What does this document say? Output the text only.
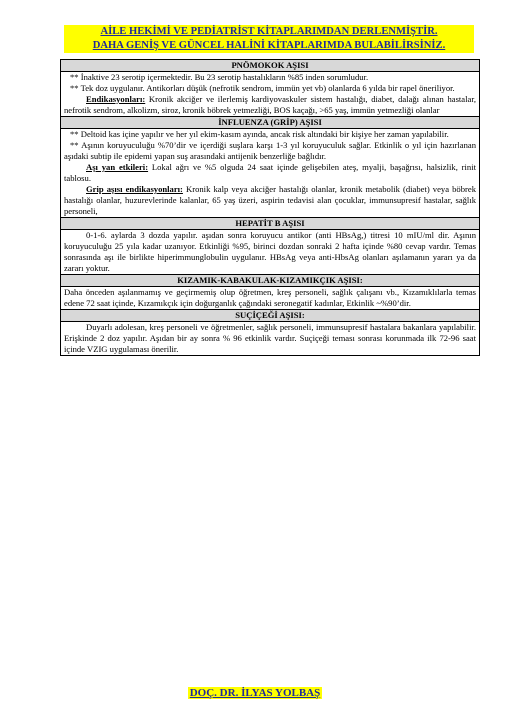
AİLE HEKİMİ VE PEDİATRİST KİTAPLARIMDAN DERLENMİŞTİR.
DAHA GENİŞ VE GÜNCEL HALİNİ KİTAPLARIMDA BULABİLİRSİNİZ.
PNÖMOKOK AŞISI
** İnaktive 23 serotip içermektedir. Bu 23 serotip hastalıkların %85 inden sorumludur.
** Tek doz uygulanır. Antikorları düşük (nefrotik sendrom, immün yet vb) olanlarda 6 yılda bir rapel öneriliyor.
Endikasyonları: Kronik akciğer ve ilerlemiş kardiyovaskuler sistem hastalığı, diabet, dalağı alınan hastalar, nefrotik sendrom, alkolizm, siroz, kronik böbrek yetmezliği, BOS kaçağı, >65 yaş, immün yetmezliği olanlar
İNFLUENZA (GRİP) AŞISI
** Deltoid kas içine yapılır ve her yıl ekim-kasım ayında, ancak risk altındaki bir kişiye her zaman yapılabilir.
** Aşının koruyuculuğu %70’dir ve içerdiği suşlara karşı 1-3 yıl koruyuculuk sağlar. Etkinlik o yıl için hazırlanan aşıdaki subtip ile epidemi yapan suş arasındaki antijenik benzerliğe bağlıdır.
Aşı yan etkileri: Lokal ağrı ve %5 olguda 24 saat içinde gelişebilen ateş, myalji, başağrısı, halsizlik, rinit tablosu.
Grip aşısı endikasyonları: Kronik kalp veya akciğer hastalığı olanlar, kronik metabolik (diabet) veya böbrek hastalığı olanlar, huzurevlerinde kalanlar, 65 yaş üzeri, aspirin tedavisi alan çocuklar, immunsupresif hastalar, sağlık personeli,
HEPATİT B AŞISI
0-1-6. aylarda 3 dozda yapılır. aşıdan sonra koruyucu antikor (anti HBsAg,) titresi 10 mIU/ml dir. Aşının koruyuculuğu 25 yıla kadar uzanıyor. Etkinliği %95, birinci dozdan sonraki 2 hafta içinde %80 cevap vardır. Temas sonrasında aşı ile birlikte hiperimmunglobulin uygulanır. HBsAg veya anti-HbsAg olanları aşılamanın yararı ya da zararı yoktur.
KIZAMIK-KABAKULAK-KIZAMIKÇIK AŞISI:
Daha önceden aşılanmamış ve geçirmemiş olup öğretmen, kreş personeli, sağlık çalışanı vb., Kızamıklılarla temas edene 72 saat içinde, Kızamıkçık için doğurganlık çağındaki seronegatif kadınlar, Etkinlik ~%90’dir.
SUÇİÇEĞİ AŞISI:
Duyarlı adolesan, kreş personeli ve öğretmenler, sağlık personeli, immunsupresif hastalara bakanlara yapılabilir. Erişkinde 2 doz yapılır. Aşıdan bir ay sonra % 96 etkinlik vardır. Suçiçeği teması sonrası korunmada ilk 72-96 saat içinde VZIG uygulaması önerilir.
DOÇ. DR. İLYAS YOLBAŞ
